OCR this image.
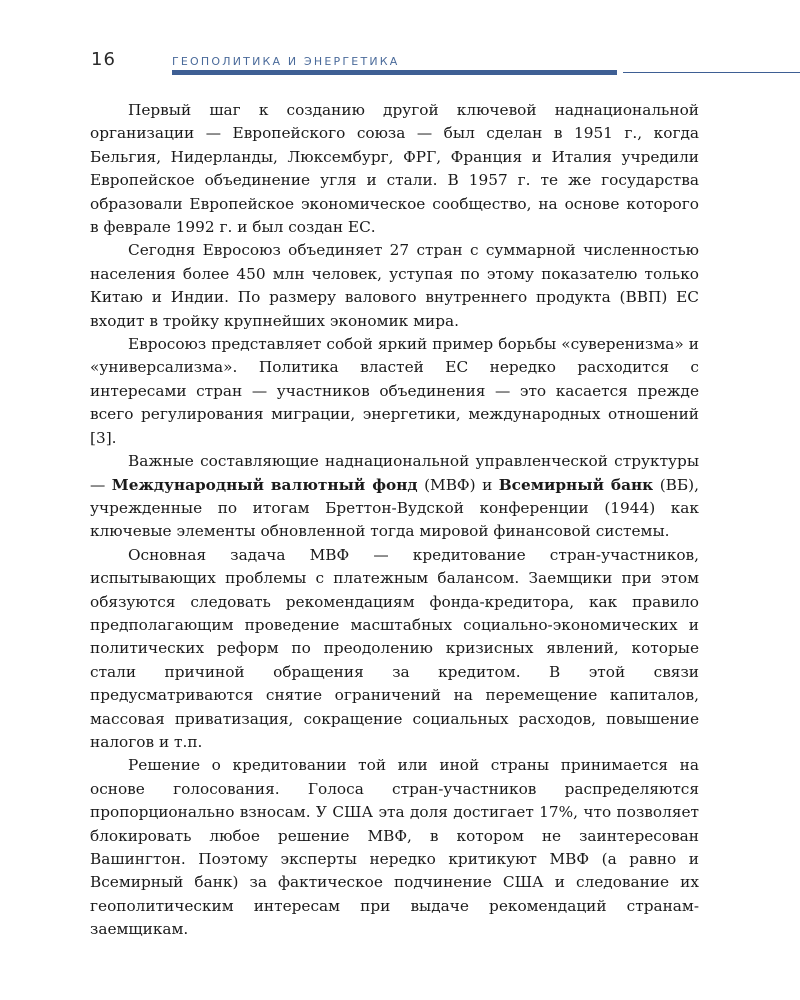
16	ГЕОПОЛИТИКА И ЭНЕРГЕТИКА

Первый шаг к созданию другой ключевой наднациональной организации — Европейского союза — был сделан в 1951 г., когда Бельгия, Нидерланды, Люксембург, ФРГ, Франция и Италия учредили Европейское объединение угля и стали. В 1957 г. те же государства образовали Европейское экономическое сообщество, на основе которого в феврале 1992 г. и был создан ЕС.

Сегодня Евросоюз объединяет 27 стран с суммарной численностью населения более 450 млн человек, уступая по этому показателю только Китаю и Индии. По размеру валового внутреннего продукта (ВВП) ЕС входит в тройку крупнейших экономик мира.

Евросоюз представляет собой яркий пример борьбы «суверенизма» и «универсализма». Политика властей ЕС нередко расходится с интересами стран — участников объединения — это касается прежде всего регулирования миграции, энергетики, международных отношений [3].

Важные составляющие наднациональной управленческой структуры — Международный валютный фонд (МВФ) и Всемирный банк (ВБ), учрежденные по итогам Бреттон-Вудской конференции (1944) как ключевые элементы обновленной тогда мировой финансовой системы.

Основная задача МВФ — кредитование стран-участников, испытывающих проблемы с платежным балансом. Заемщики при этом обязуются следовать рекомендациям фонда-кредитора, как правило предполагающим проведение масштабных социально-экономических и политических реформ по преодолению кризисных явлений, которые стали причиной обращения за кредитом. В этой связи предусматриваются снятие ограничений на перемещение капиталов, массовая приватизация, сокращение социальных расходов, повышение налогов и т.п.

Решение о кредитовании той или иной страны принимается на основе голосования. Голоса стран-участников распределяются пропорционально взносам. У США эта доля достигает 17%, что позволяет блокировать любое решение МВФ, в котором не заинтересован Вашингтон. Поэтому эксперты нередко критикуют МВФ (а равно и Всемирный банк) за фактическое подчинение США и следование их геополитическим интересам при выдаче рекомендаций странам-заемщикам.
